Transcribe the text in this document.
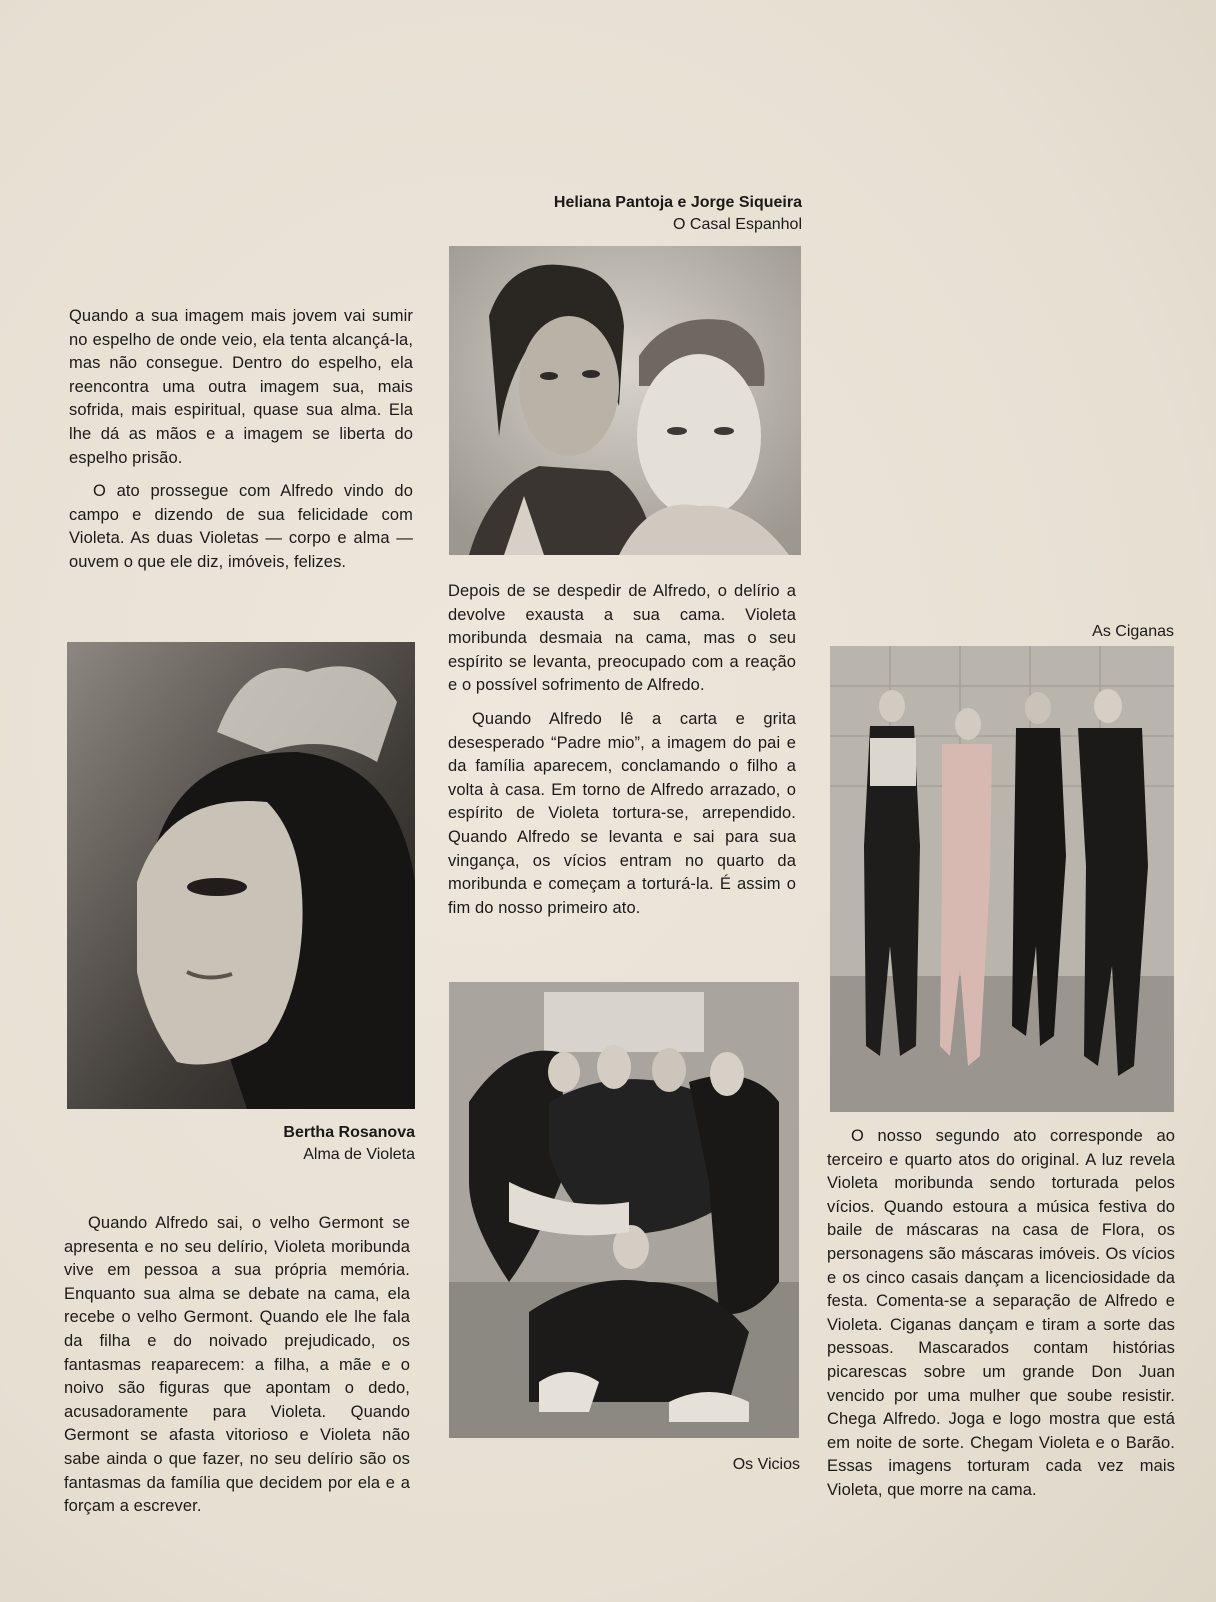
Heliana Pantoja e Jorge Siqueira
O Casal Espanhol

Quando a sua imagem mais jovem vai sumir no espelho de onde veio, ela tenta alcançá-la, mas não consegue. Dentro do espelho, ela reencontra uma outra imagem sua, mais sofrida, mais espiritual, quase sua alma. Ela lhe dá as mãos e a imagem se liberta do espelho prisão.

O ato prossegue com Alfredo vindo do campo e dizendo de sua felicidade com Violeta. As duas Violetas — corpo e alma — ouvem o que ele diz, imóveis, felizes.

Bertha Rosanova
Alma de Violeta

Quando Alfredo sai, o velho Germont se apresenta e no seu delírio, Violeta moribunda vive em pessoa a sua própria memória. Enquanto sua alma se debate na cama, ela recebe o velho Germont. Quando ele lhe fala da filha e do noivado prejudicado, os fantasmas reaparecem: a filha, a mãe e o noivo são figuras que apontam o dedo, acusadoramente para Violeta. Quando Germont se afasta vitorioso e Violeta não sabe ainda o que fazer, no seu delírio são os fantasmas da família que decidem por ela e a forçam a escrever.

Depois de se despedir de Alfredo, o delírio a devolve exausta a sua cama. Violeta moribunda desmaia na cama, mas o seu espírito se levanta, preocupado com a reação e o possível sofrimento de Alfredo.

Quando Alfredo lê a carta e grita desesperado “Padre mio”, a imagem do pai e da família aparecem, conclamando o filho a volta à casa. Em torno de Alfredo arrazado, o espírito de Violeta tortura-se, arrependido. Quando Alfredo se levanta e sai para sua vingança, os vícios entram no quarto da moribunda e começam a torturá-la. É assim o fim do nosso primeiro ato.

Os Vicios
As Ciganas

O nosso segundo ato corresponde ao terceiro e quarto atos do original. A luz revela Violeta moribunda sendo torturada pelos vícios. Quando estoura a música festiva do baile de máscaras na casa de Flora, os personagens são máscaras imóveis. Os vícios e os cinco casais dançam a licenciosidade da festa. Comenta-se a separação de Alfredo e Violeta. Ciganas dançam e tiram a sorte das pessoas. Mascarados contam histórias picarescas sobre um grande Don Juan vencido por uma mulher que soube resistir. Chega Alfredo. Joga e logo mostra que está em noite de sorte. Chegam Violeta e o Barão. Essas imagens torturam cada vez mais Violeta, que morre na cama.
